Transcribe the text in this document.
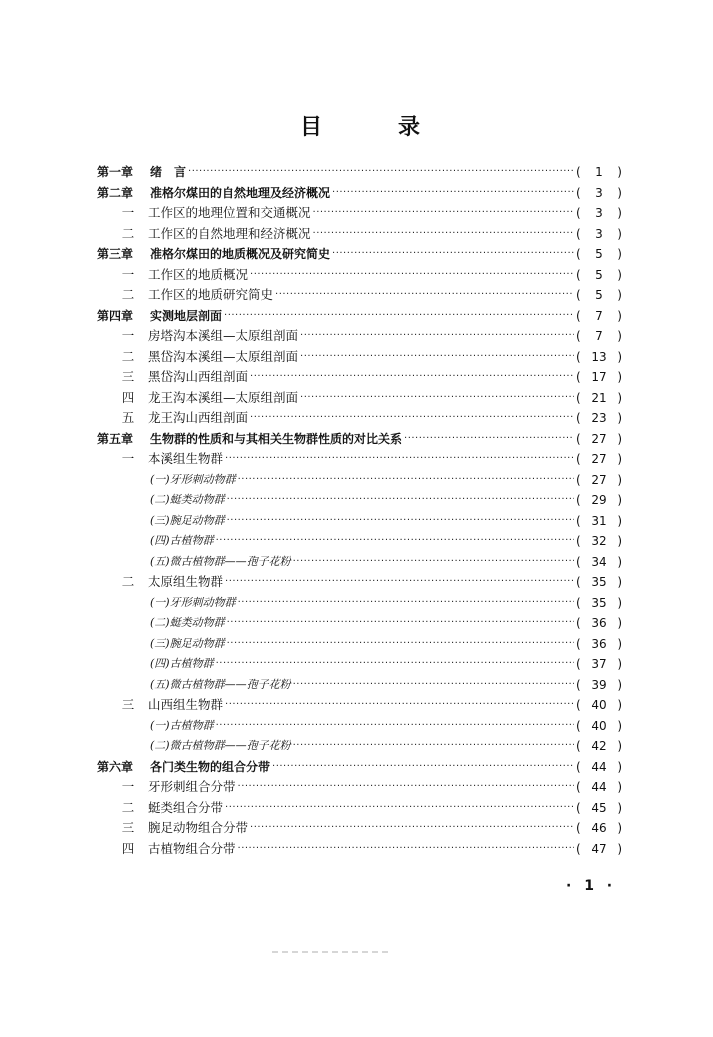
目	录
第一章	绪　言 ·····	( 1 )
第二章	准格尔煤田的自然地理及经济概况 ·····	( 3 )
一	工作区的地理位置和交通概况 ·····	( 3 )
二	工作区的自然地理和经济概况 ·····	( 3 )
第三章	准格尔煤田的地质概况及研究简史 ·····	( 5 )
一	工作区的地质概况 ·····	( 5 )
二	工作区的地质研究简史 ·····	( 5 )
第四章	实测地层剖面 ·····	( 7 )
一	房塔沟本溪组—太原组剖面 ·····	( 7 )
二	黑岱沟本溪组—太原组剖面 ·····	( 13 )
三	黑岱沟山西组剖面 ·····	( 17 )
四	龙王沟本溪组—太原组剖面 ·····	( 21 )
五	龙王沟山西组剖面 ·····	( 23 )
第五章	生物群的性质和与其相关生物群性质的对比关系 ·····	( 27 )
一	本溪组生物群 ·····	( 27 )
(一)牙形刺动物群 ·····	( 27 )
(二)蜓类动物群 ·····	( 29 )
(三)腕足动物群 ·····	( 31 )
(四)古植物群 ·····	( 32 )
(五)微古植物群——孢子花粉 ·····	( 34 )
二	太原组生物群 ·····	( 35 )
(一)牙形刺动物群 ·····	( 35 )
(二)蜓类动物群 ·····	( 36 )
(三)腕足动物群 ·····	( 36 )
(四)古植物群 ·····	( 37 )
(五)微古植物群——孢子花粉 ·····	( 39 )
三	山西组生物群 ·····	( 40 )
(一)古植物群 ·····	( 40 )
(二)微古植物群——孢子花粉 ·····	( 42 )
第六章	各门类生物的组合分带 ·····	( 44 )
一	牙形刺组合分带 ·····	( 44 )
二	蜓类组合分带 ·····	( 45 )
三	腕足动物组合分带 ·····	( 46 )
四	古植物组合分带 ·····	( 47 )
· 1 ·
